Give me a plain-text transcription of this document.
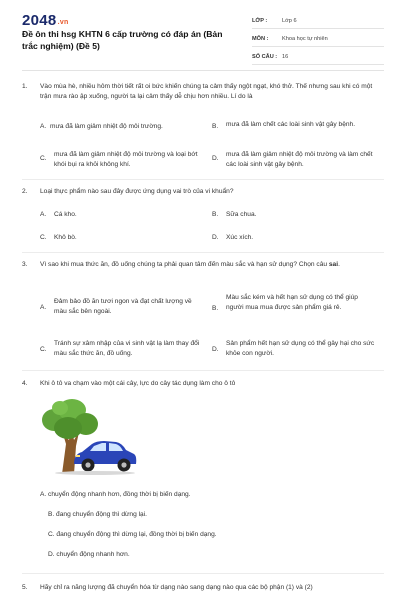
2048.vn
Đề ôn thi hsg KHTN 6 cấp trường có đáp án (Bản trắc nghiệm) (Đề 5)
LỚP :	Lớp 6
MÔN :	Khoa học tự nhiên
SỐ CÂU : 16
1. Vào mùa hè, nhiều hôm thời tiết rất oi bức khiến chúng ta cảm thấy ngột ngạt, khó thở. Thế nhưng sau khi có một trận mưa rào ập xuống, người ta lại cảm thấy dễ chịu hơn nhiều. Lí do là
A. mưa đã làm giảm nhiệt độ môi trường.	B. mưa đã làm chết các loài sinh vật gây bệnh.
C.
mưa đã làm giảm nhiệt độ môi trường và loại bớt khói bụi ra khỏi không khí.
D.
mưa đã làm giảm nhiệt độ môi trường và làm chết các loài sinh vật gây bệnh.
2. Loại thực phẩm nào sau đây được ứng dụng vai trò của vi khuẩn?
A. Cá kho.	B. Sữa chua.
C. Khô bò.	D. Xúc xích.
3. Vì sao khi mua thức ăn, đồ uống chúng ta phải quan tâm đến màu sắc và hạn sử dụng? Chọn câu sai.
A.
Đảm bảo đồ ăn tươi ngon và đạt chất lượng về màu sắc bên ngoài.	B.
Màu sắc kém và hết hạn sử dụng có thể giúp người mua mua được sản phẩm giá rẻ.
C.
Tránh sự xâm nhập của vi sinh vật lạ làm thay đổi màu sắc thức ăn, đồ uống.
D.
Sản phẩm hết hạn sử dụng có thể gây hại cho sức khỏe con người.
4. Khi ô tô va chạm vào một cái cây, lực do cây tác dụng làm cho ô tô
A. chuyển động nhanh hơn, đồng thời bị biến dạng.
B. đang chuyển động thì dừng lại.
C. đang chuyển động thì dừng lại, đồng thời bị biến dạng.
D. chuyển động nhanh hơn.
5. Hãy chỉ ra năng lượng đã chuyển hóa từ dạng nào sang dạng nào qua các bộ phận (1) và (2)
